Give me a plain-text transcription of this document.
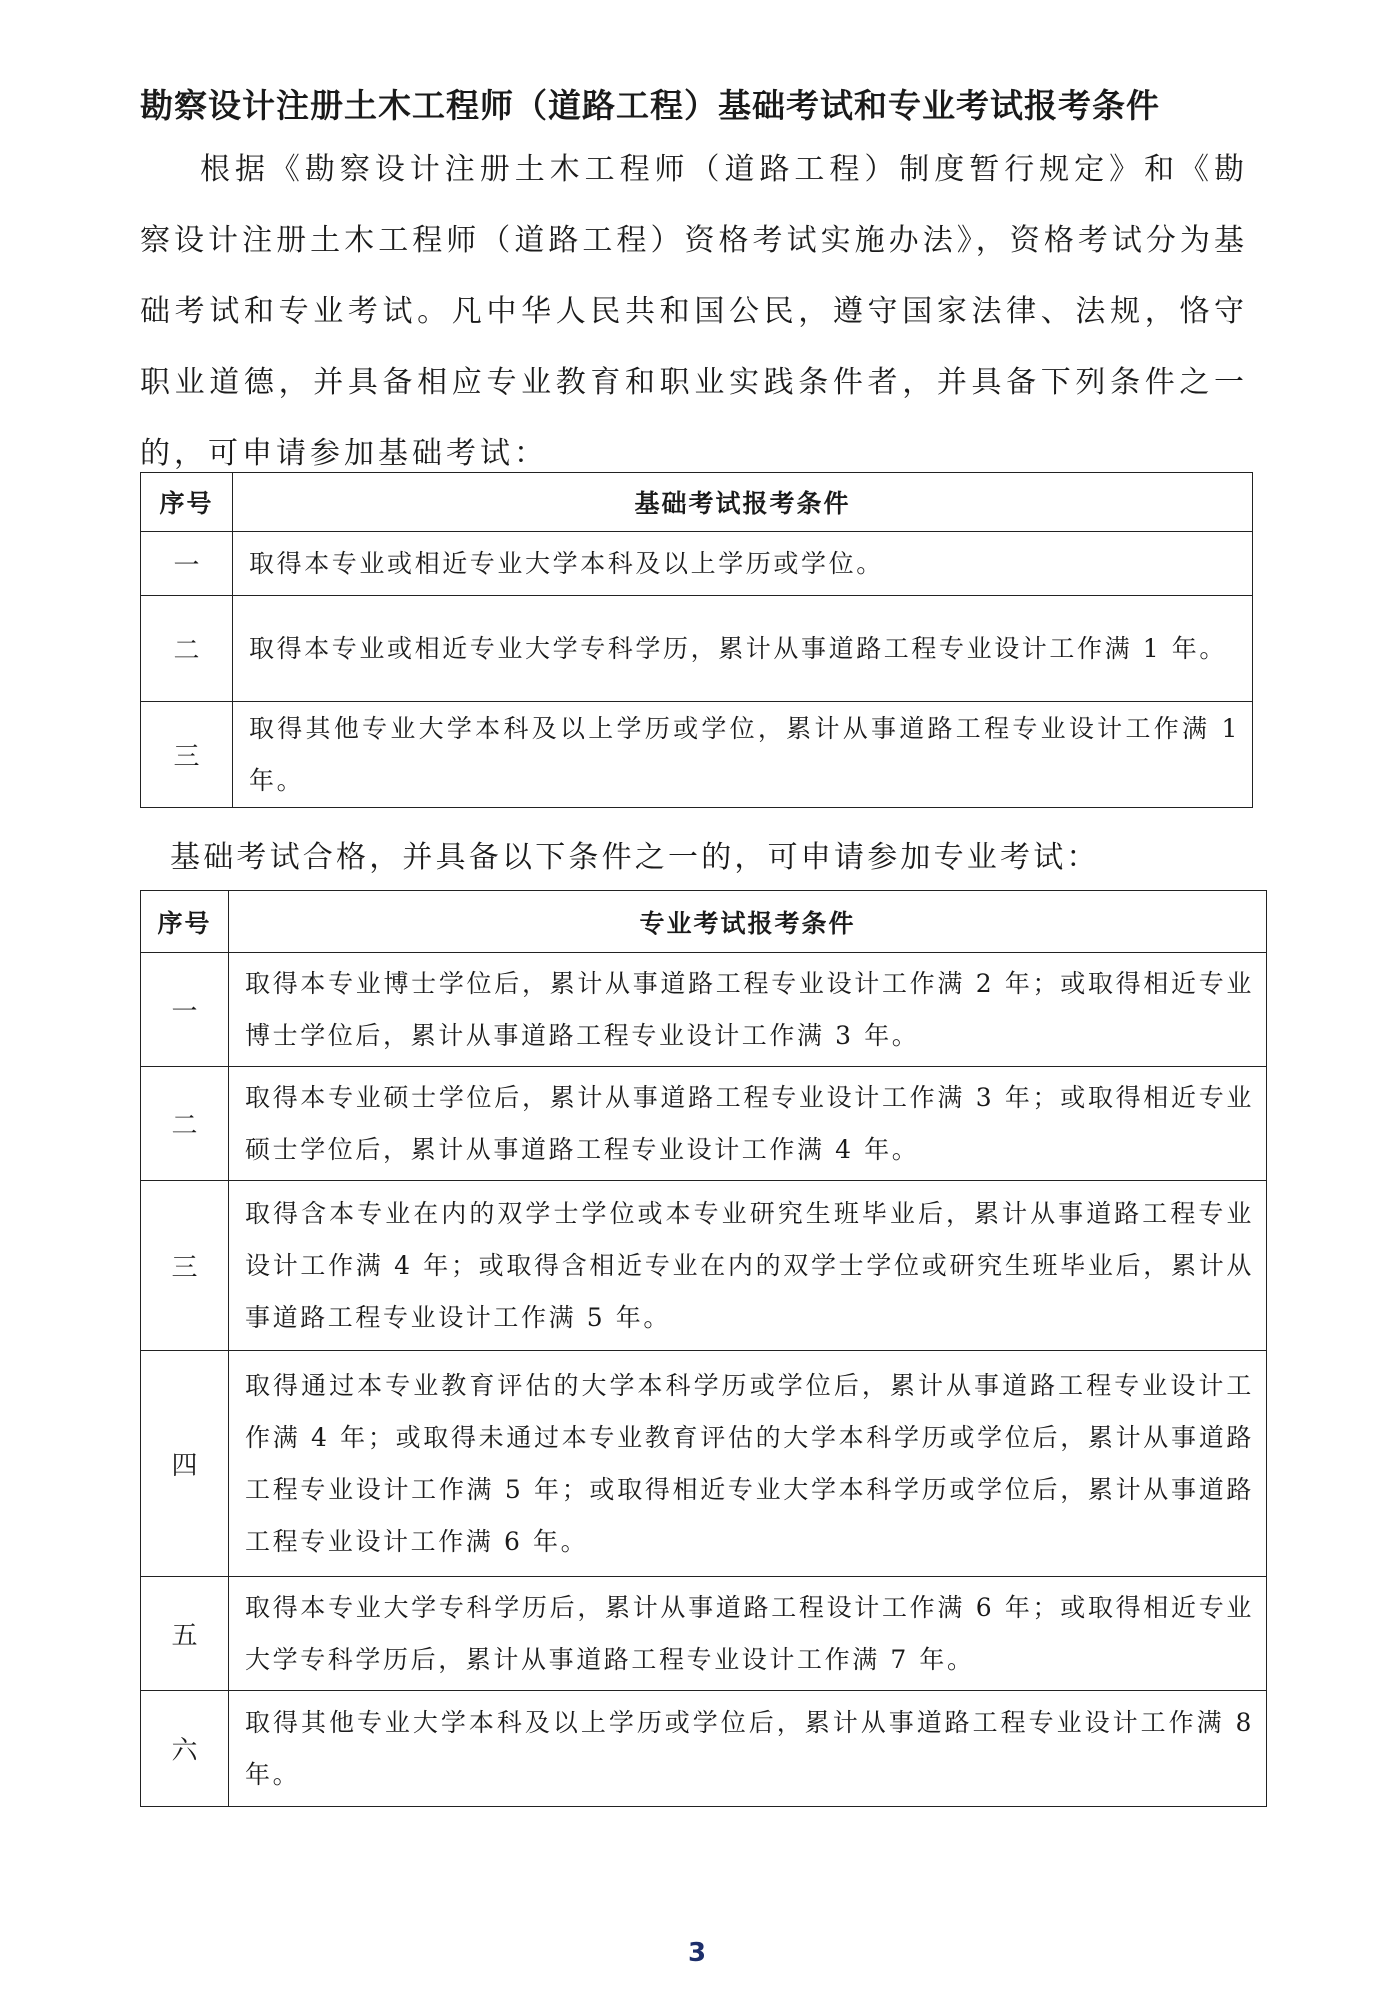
勘察设计注册土木工程师（道路工程）基础考试和专业考试报考条件

根据《勘察设计注册土木工程师（道路工程）制度暂行规定》和《勘察设计注册土木工程师（道路工程）资格考试实施办法》，资格考试分为基础考试和专业考试。凡中华人民共和国公民，遵守国家法律、法规，恪守职业道德，并具备相应专业教育和职业实践条件者，并具备下列条件之一的，可申请参加基础考试：

序号	基础考试报考条件
一	取得本专业或相近专业大学本科及以上学历或学位。
二	取得本专业或相近专业大学专科学历，累计从事道路工程专业设计工作满 1 年。
三	取得其他专业大学本科及以上学历或学位，累计从事道路工程专业设计工作满 1 年。
基础考试合格，并具备以下条件之一的，可申请参加专业考试：
序号	专业考试报考条件
一	取得本专业博士学位后，累计从事道路工程专业设计工作满 2 年；或取得相近专业博士学位后，累计从事道路工程专业设计工作满 3 年。
二	取得本专业硕士学位后，累计从事道路工程专业设计工作满 3 年；或取得相近专业硕士学位后，累计从事道路工程专业设计工作满 4 年。
三	取得含本专业在内的双学士学位或本专业研究生班毕业后，累计从事道路工程专业设计工作满 4 年；或取得含相近专业在内的双学士学位或研究生班毕业后，累计从事道路工程专业设计工作满 5 年。
四	取得通过本专业教育评估的大学本科学历或学位后，累计从事道路工程专业设计工作满 4 年；或取得未通过本专业教育评估的大学本科学历或学位后，累计从事道路工程专业设计工作满 5 年；或取得相近专业大学本科学历或学位后，累计从事道路工程专业设计工作满 6 年。
五	取得本专业大学专科学历后，累计从事道路工程设计工作满 6 年；或取得相近专业大学专科学历后，累计从事道路工程专业设计工作满 7 年。
六	取得其他专业大学本科及以上学历或学位后，累计从事道路工程专业设计工作满 8 年。
3
